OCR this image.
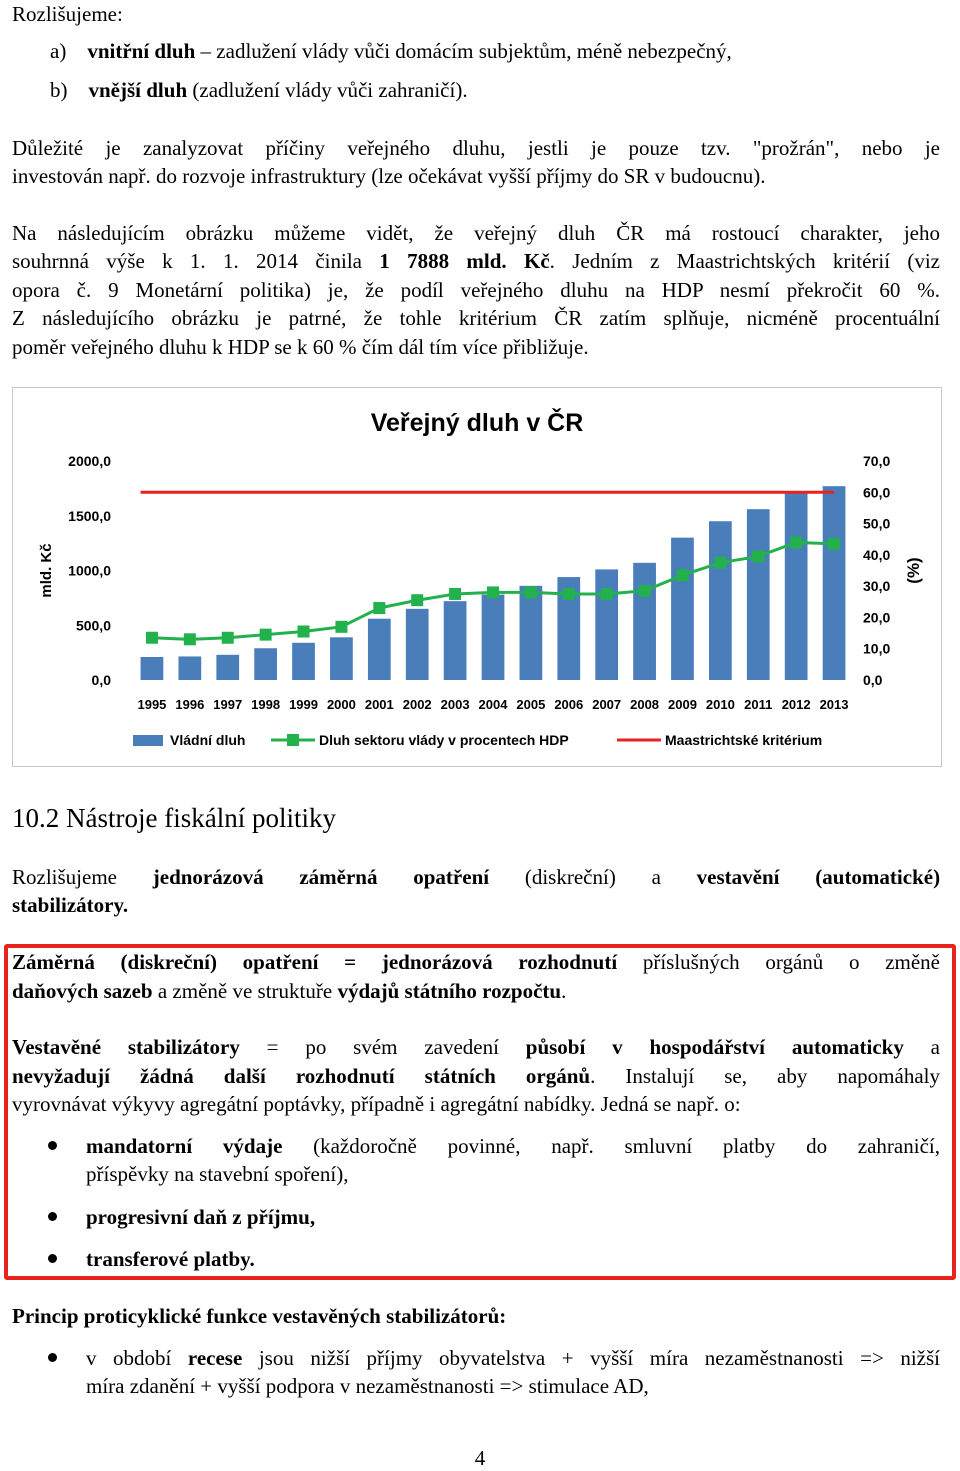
Rozlišujeme:
a) vnitřní dluh – zadlužení vlády vůči domácím subjektům, méně nebezpečný,
b) vnější dluh (zadlužení vlády vůči zahraničí).
Důležité je zanalyzovat příčiny veřejného dluhu, jestli je pouze tzv. "prožrán", nebo je
investován např. do rozvoje infrastruktury (lze očekávat vyšší příjmy do SR v budoucnu).
Na následujícím obrázku můžeme vidět, že veřejný dluh ČR má rostoucí charakter, jeho
souhrnná výše k 1. 1. 2014 činila 1 7888 mld. Kč. Jedním z Maastrichtských kritérií (viz
opora č. 9 Monetární politika) je, že podíl veřejného dluhu na HDP nesmí překročit 60 %.
Z následujícího obrázku je patrné, že tohle kritérium ČR zatím splňuje, nicméně procentuální
poměr veřejného dluhu k HDP se k 60 % čím dál tím více přibližuje.
Veřejný dluh v ČR
0,0
500,0
1000,0
1500,0
2000,0
0,0
10,0
20,0
30,0
40,0
50,0
60,0
70,0
mld. Kč	(%)
1995 1996 1997 1998 1999 2000 2001 2002 2003 2004 2005 2006 2007 2008 2009 2010 2011 2012 2013
Vládní dluh	Dluh sektoru vlády v procentech HDP	Maastrichtské kritérium
10.2 Nástroje fiskální politiky
Rozlišujeme jednorázová záměrná opatření (diskreční) a vestavění (automatické)
stabilizátory.
Záměrná (diskreční) opatření = jednorázová rozhodnutí příslušných orgánů o změně
daňových sazeb a změně ve struktuře výdajů státního rozpočtu.
Vestavěné stabilizátory = po svém zavedení působí v hospodářství automaticky a
nevyžadují žádná další rozhodnutí státních orgánů. Instalují se, aby napomáhaly
vyrovnávat výkyvy agregátní poptávky, případně i agregátní nabídky. Jedná se např. o:
mandatorní výdaje (každoročně povinné, např. smluvní platby do zahraničí,
příspěvky na stavební spoření),
progresivní daň z příjmu,
transferové platby.
Princip proticyklické funkce vestavěných stabilizátorů:
v období recese jsou nižší příjmy obyvatelstva + vyšší míra nezaměstnanosti => nižší
míra zdanění + vyšší podpora v nezaměstnanosti => stimulace AD,
4
